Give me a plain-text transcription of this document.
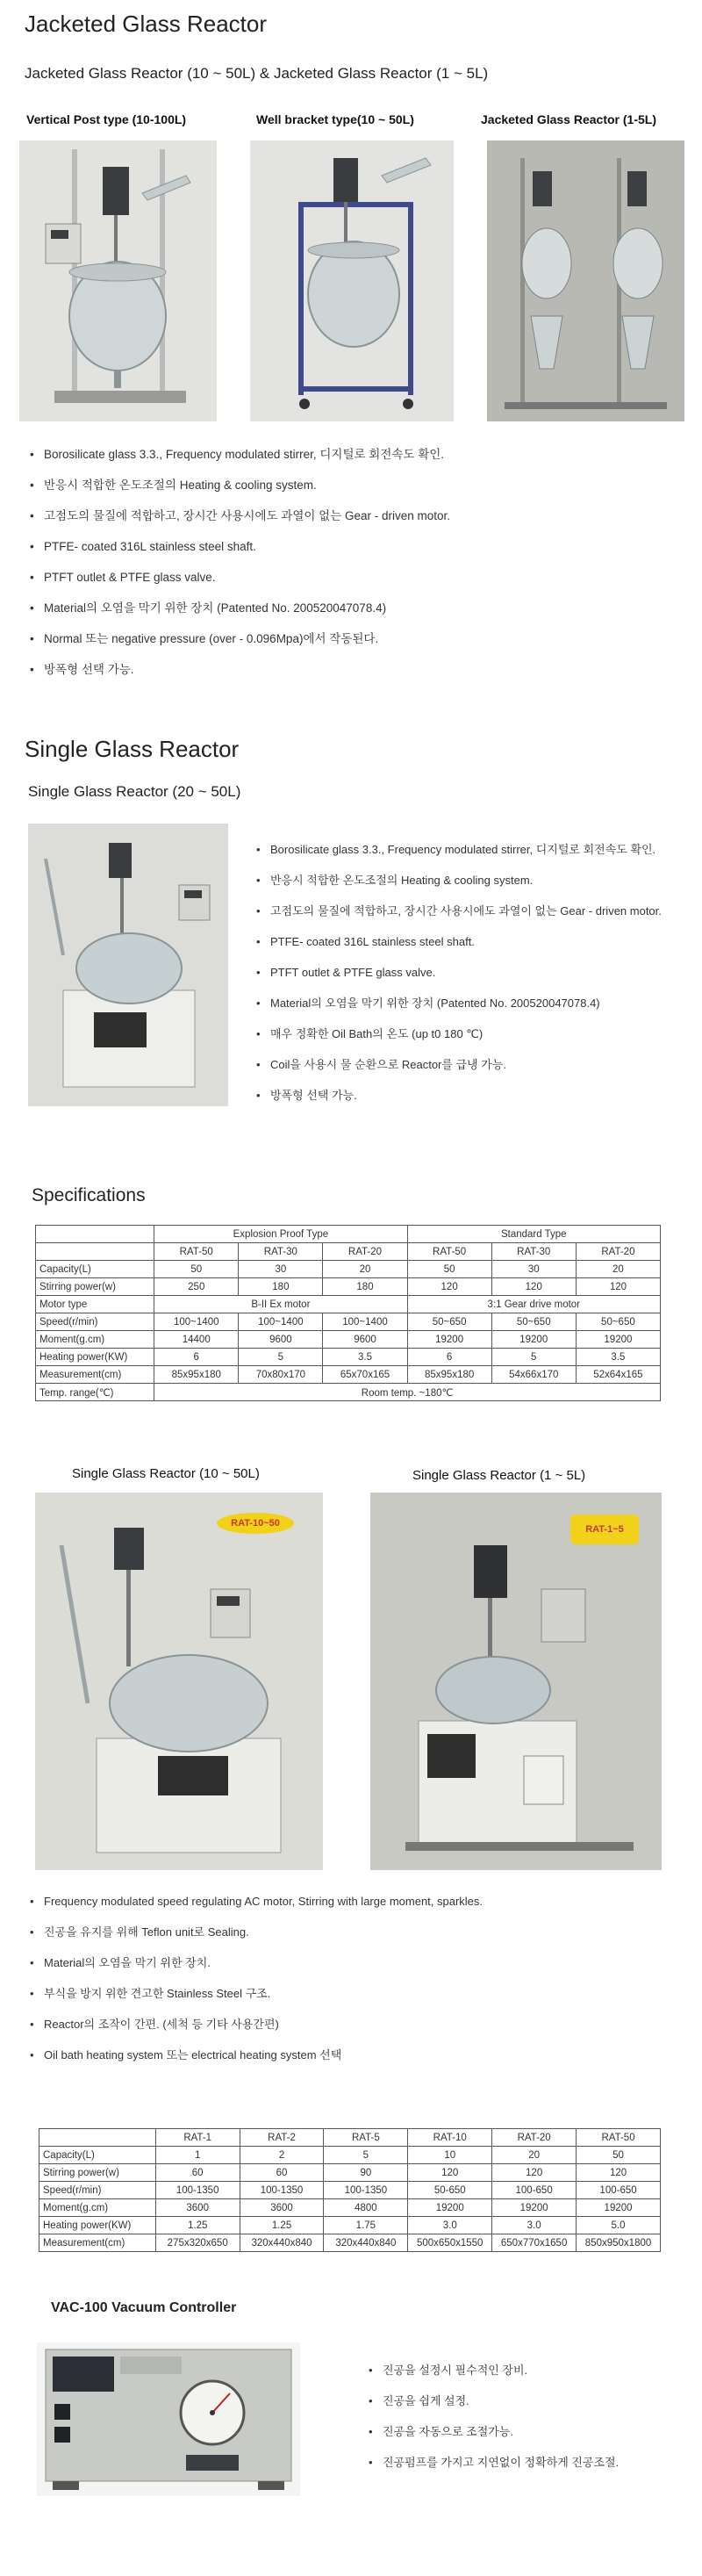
Jacketed Glass Reactor
Jacketed Glass Reactor (10 ~ 50L) & Jacketed Glass Reactor (1 ~ 5L)
Vertical Post type (10-100L)	Well bracket type(10 ~ 50L)	Jacketed Glass Reactor (1-5L)
• Borosilicate glass 3.3., Frequency modulated stirrer, 디지털로 회전속도 확인.
• 반응시 적합한 온도조절의 Heating & cooling system.
• 고점도의 물질에 적합하고, 장시간 사용시에도 과열이 없는 Gear - driven motor.
• PTFE- coated 316L stainless steel shaft.
• PTFT outlet & PTFE glass valve.
• Material의 오염을 막기 위한 장치 (Patented No. 200520047078.4)
• Normal 또는 negative pressure (over - 0.096Mpa)에서 작동된다.
• 방폭형 선택 가능.
Single Glass Reactor
Single Glass Reactor (20 ~ 50L)
• Borosilicate glass 3.3., Frequency modulated stirrer, 디지털로 회전속도 확인.
• 반응시 적합한 온도조절의 Heating & cooling system.
• 고점도의 물질에 적합하고, 장시간 사용시에도 과열이 없는 Gear - driven motor.
• PTFE- coated 316L stainless steel shaft.
• PTFT outlet & PTFE glass valve.
• Material의 오염을 막기 위한 장치 (Patented No. 200520047078.4)
• 매우 정확한 Oil Bath의 온도 (up t0 180 ℃)
• Coil을 사용시 물 순환으로 Reactor를 급냉 가능.
• 방폭형 선택 가능.
Specifications
	Explosion Proof Type			Standard Type		
	RAT-50	RAT-30	RAT-20	RAT-50	RAT-30	RAT-20
Capacity(L)	50	30	20	50	30	20
Stirring power(w)	250	180	180	120	120	120
Motor type	B-II Ex motor			3:1 Gear drive motor		
Speed(r/min)	100~1400	100~1400	100~1400	50~650	50~650	50~650
Moment(g.cm)	14400	9600	9600	19200	19200	19200
Heating power(KW)	6	5	3.5	6	5	3.5
Measurement(cm)	85x95x180	70x80x170	65x70x165	85x95x180	54x66x170	52x64x165
Temp. range(℃)	Room temp. ~180℃					
Single Glass Reactor (10 ~ 50L)	Single Glass Reactor (1 ~ 5L)
RAT-10~50
RAT-1~5
• Frequency modulated speed regulating AC motor, Stirring with large moment, sparkles.
• 진공을 유지를 위해 Teflon unit로 Sealing.
• Material의 오염을 막기 위한 장치.
• 부식을 방지 위한 견고한 Stainless Steel 구조.
• Reactor의 조작이 간편. (세척 등 기타 사용간편)
• Oil bath heating system 또는 electrical heating system 선택
	RAT-1	RAT-2	RAT-5	RAT-10	RAT-20	RAT-50
Capacity(L)	1	2	5	10	20	50
Stirring power(w)	60	60	90	120	120	120
Speed(r/min)	100-1350	100-1350	100-1350	50-650	100-650	100-650
Moment(g.cm)	3600	3600	4800	19200	19200	19200
Heating power(KW)	1.25	1.25	1.75	3.0	3.0	5.0
Measurement(cm)	275x320x650	320x440x840	320x440x840	500x650x1550	650x770x1650	850x950x1800
VAC-100 Vacuum Controller
• 진공을 설정시 필수적인 장비.
• 진공을 쉽게 설정.
• 진공을 자동으로 조절가능.
• 진공펌프를 가지고 지연없이 정확하게 진공조절.
